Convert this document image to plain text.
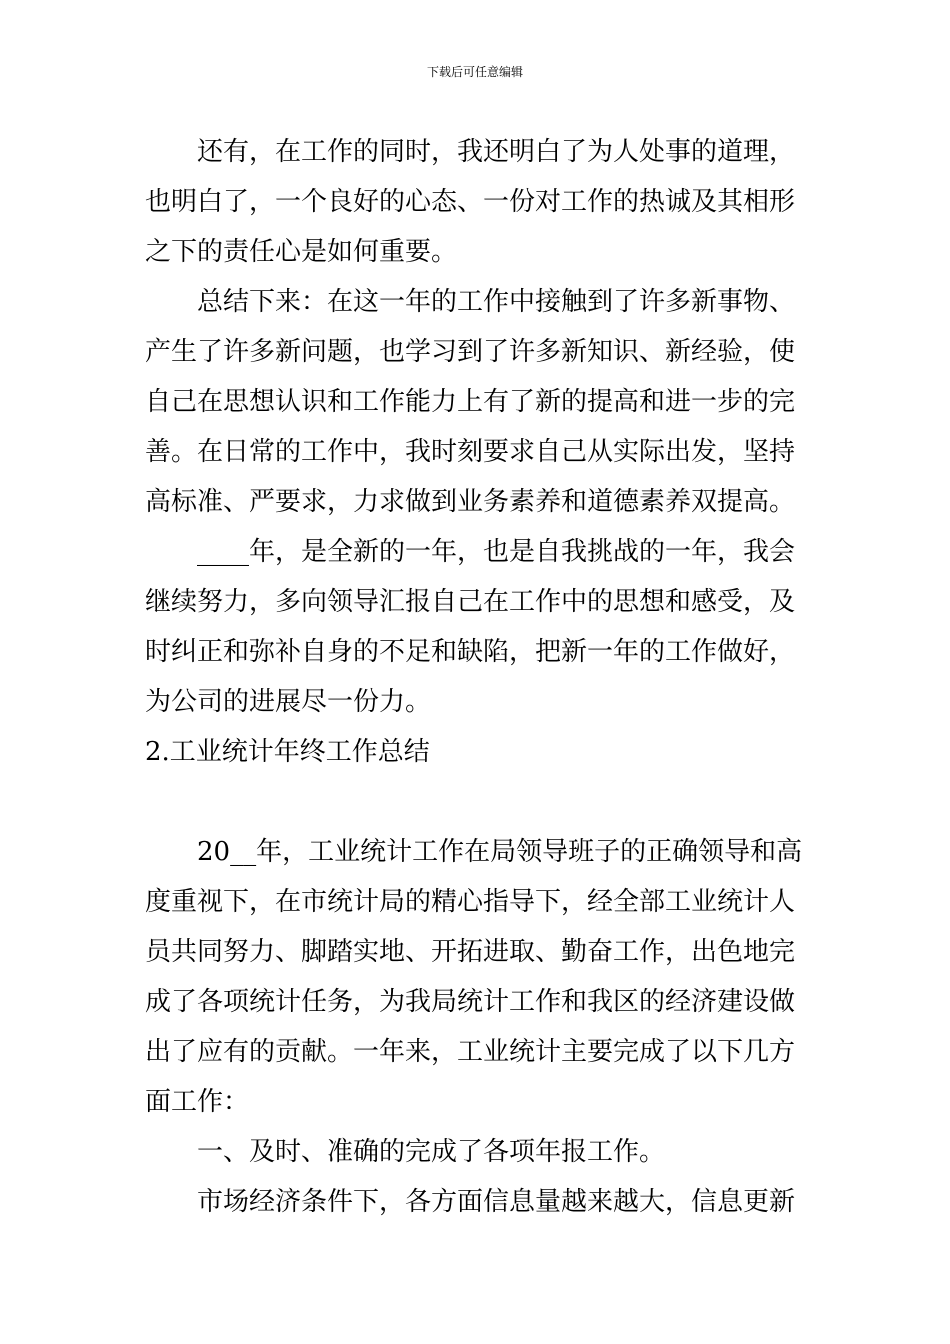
下载后可任意编辑

还有，在工作的同时，我还明白了为人处事的道理，

也明白了，一个良好的心态、一份对工作的热诚及其相形

之下的责任心是如何重要。

总结下来：在这一年的工作中接触到了许多新事物、

产生了许多新问题，也学习到了许多新知识、新经验，使

自己在思想认识和工作能力上有了新的提高和进一步的完

善。在日常的工作中，我时刻要求自己从实际出发，坚持

高标准、严要求，力求做到业务素养和道德素养双提高。

____年，是全新的一年，也是自我挑战的一年，我会

继续努力，多向领导汇报自己在工作中的思想和感受，及

时纠正和弥补自身的不足和缺陷，把新一年的工作做好，

为公司的进展尽一份力。

2.工业统计年终工作总结

20__年，工业统计工作在局领导班子的正确领导和高

度重视下，在市统计局的精心指导下，经全部工业统计人

员共同努力、脚踏实地、开拓进取、勤奋工作，出色地完

成了各项统计任务，为我局统计工作和我区的经济建设做

出了应有的贡献。一年来，工业统计主要完成了以下几方

面工作：

一、及时、准确的完成了各项年报工作。

市场经济条件下，各方面信息量越来越大，信息更新
